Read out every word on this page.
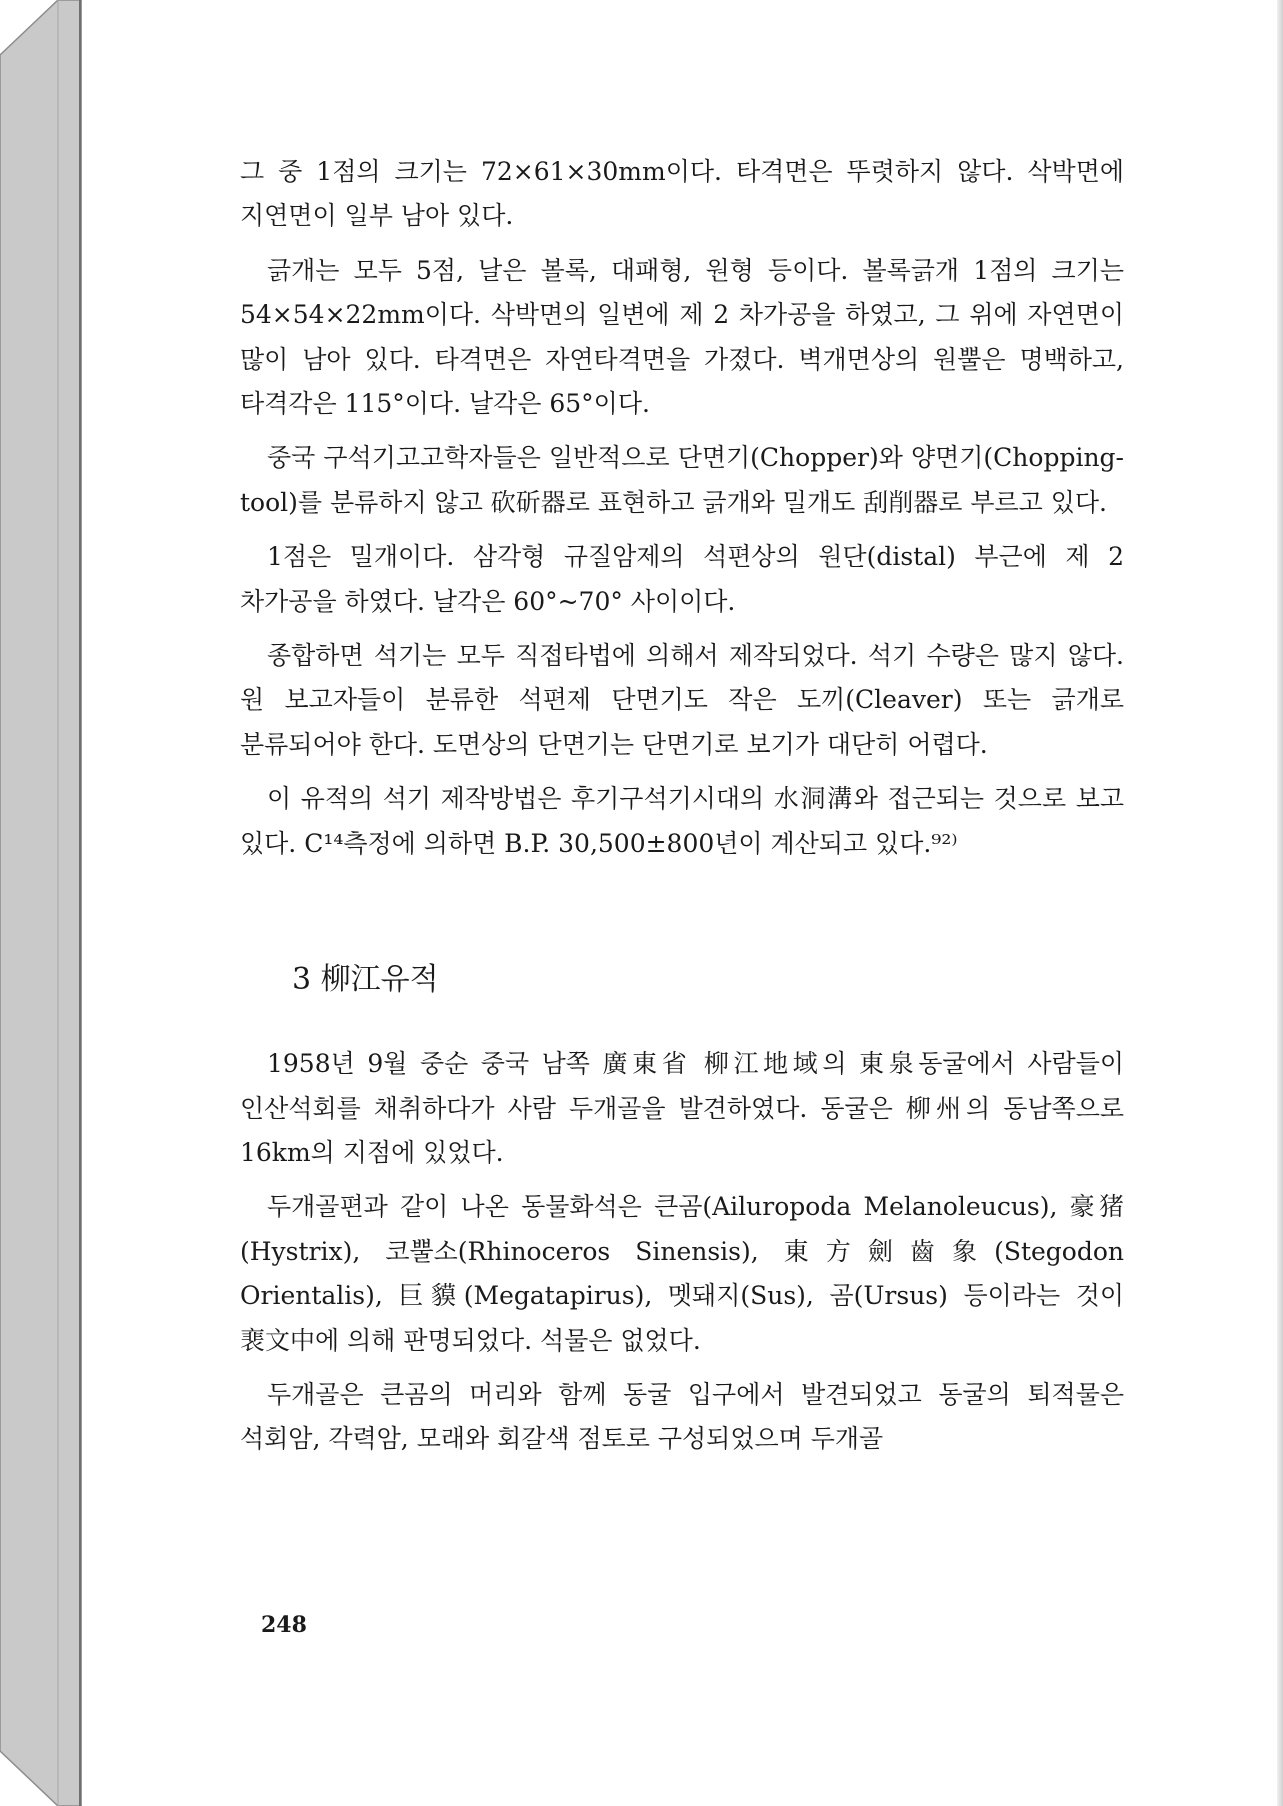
그 중 1점의 크기는 72×61×30mm이다. 타격면은 뚜렷하지 않다. 삭박면에 지연면이 일부 남아 있다.

긁개는 모두 5점, 날은 볼록, 대패형, 원형 등이다. 볼록긁개 1점의 크기는 54×54×22mm이다. 삭박면의 일변에 제 2 차가공을 하였고, 그 위에 자연면이 많이 남아 있다. 타격면은 자연타격면을 가졌다. 벽개면상의 원뿔은 명백하고, 타격각은 115°이다. 날각은 65°이다.

중국 구석기고고학자들은 일반적으로 단면기(Chopper)와 양면기(Chopping-tool)를 분류하지 않고 砍斫器로 표현하고 긁개와 밀개도 刮削器로 부르고 있다.

1점은 밀개이다. 삼각형 규질암제의 석편상의 원단(distal) 부근에 제 2 차가공을 하였다. 날각은 60°~70° 사이이다.

종합하면 석기는 모두 직접타법에 의해서 제작되었다. 석기 수량은 많지 않다. 원 보고자들이 분류한 석편제 단면기도 작은 도끼(Cleaver) 또는 긁개로 분류되어야 한다. 도면상의 단면기는 단면기로 보기가 대단히 어렵다.

이 유적의 석기 제작방법은 후기구석기시대의 水洞溝와 접근되는 것으로 보고 있다. C¹⁴측정에 의하면 B.P. 30,500±800년이 계산되고 있다.⁹²⁾

3 柳江유적

1958년 9월 중순 중국 남쪽 廣東省 柳江地域의 東泉동굴에서 사람들이 인산석회를 채취하다가 사람 두개골을 발견하였다. 동굴은 柳州의 동남쪽으로 16km의 지점에 있었다.

두개골편과 같이 나온 동물화석은 큰곰(Ailuropoda Melanoleucus), 豪猪(Hystrix), 코뿔소(Rhinoceros Sinensis), 東方劍齒象(Stegodon Orientalis), 巨貘(Megatapirus), 멧돼지(Sus), 곰(Ursus) 등이라는 것이 裵文中에 의해 판명되었다. 석물은 없었다.

두개골은 큰곰의 머리와 함께 동굴 입구에서 발견되었고 동굴의 퇴적물은 석회암, 각력암, 모래와 회갈색 점토로 구성되었으며 두개골

248
